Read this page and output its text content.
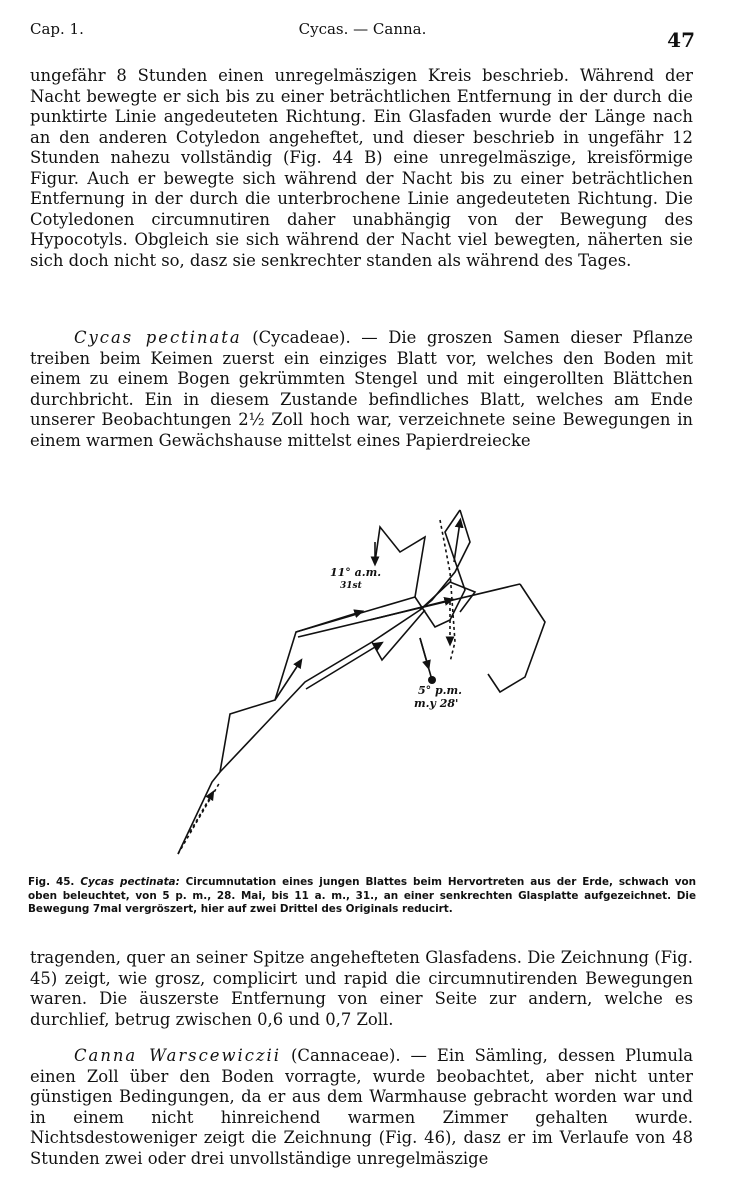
Cap. 1.	Cycas. — Canna.	47

ungefähr 8 Stunden einen unregelmäszigen Kreis beschrieb. Während der Nacht bewegte er sich bis zu einer beträchtlichen Entfernung in der durch die punktirte Linie angedeuteten Richtung. Ein Glasfaden wurde der Länge nach an den anderen Cotyledon angeheftet, und dieser beschrieb in ungefähr 12 Stunden nahezu vollständig (Fig. 44 B) eine unregelmäszige, kreisförmige Figur. Auch er bewegte sich während der Nacht bis zu einer beträchtlichen Entfernung in der durch die unterbrochene Linie angedeuteten Richtung. Die Cotyledonen circumnutiren daher unabhängig von der Bewegung des Hypocotyls. Obgleich sie sich während der Nacht viel bewegten, näherten sie sich doch nicht so, dasz sie senkrechter standen als während des Tages.

Cycas pectinata (Cycadeae). — Die groszen Samen dieser Pflanze treiben beim Keimen zuerst ein einziges Blatt vor, welches den Boden mit einem zu einem Bogen gekrümmten Stengel und mit eingerollten Blättchen durchbricht. Ein in diesem Zustande befindliches Blatt, welches am Ende unserer Beobachtungen 2½ Zoll hoch war, verzeichnete seine Bewegungen in einem warmen Gewächshause mittelst eines Papierdreiecke

11° a.m.
31st
5° p.m.
m.y 28'
Fig. 45. Cycas pectinata: Circumnutation eines jungen Blattes beim Hervortreten aus der Erde, schwach von oben beleuchtet, von 5 p. m., 28. Mai, bis 11 a. m., 31., an einer senkrechten Glasplatte aufgezeichnet. Die Bewegung 7mal vergröszert, hier auf zwei Drittel des Originals reducirt.

tragenden, quer an seiner Spitze angehefteten Glasfadens. Die Zeichnung (Fig. 45) zeigt, wie grosz, complicirt und rapid die circumnutirenden Bewegungen waren. Die äuszerste Entfernung von einer Seite zur andern, welche es durchlief, betrug zwischen 0,6 und 0,7 Zoll.

Canna Warscewiczii (Cannaceae). — Ein Sämling, dessen Plumula einen Zoll über den Boden vorragte, wurde beobachtet, aber nicht unter günstigen Bedingungen, da er aus dem Warmhause gebracht worden war und in einem nicht hinreichend warmen Zimmer gehalten wurde. Nichtsdestoweniger zeigt die Zeichnung (Fig. 46), dasz er im Verlaufe von 48 Stunden zwei oder drei unvollständige unregelmäszige
